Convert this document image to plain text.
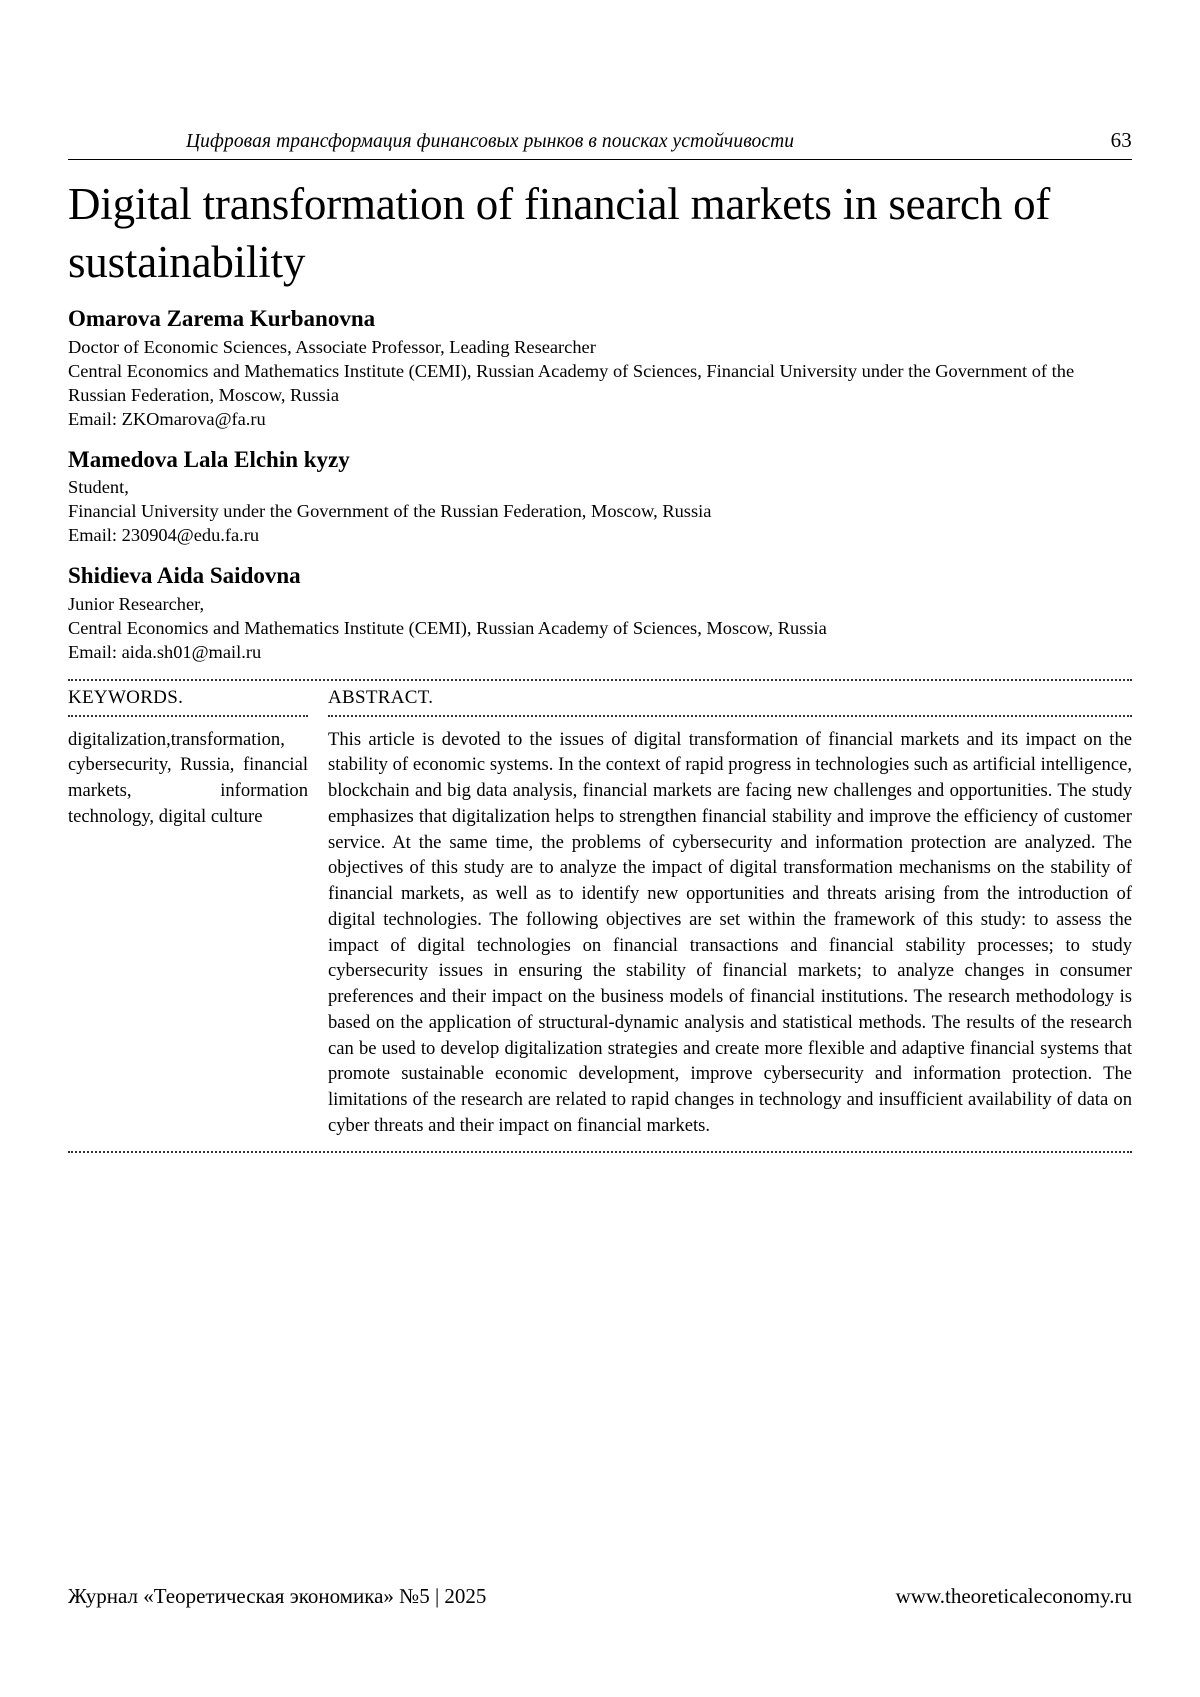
Цифровая трансформация финансовых рынков в поисках устойчивости	63
Digital transformation of financial markets in search of sustainability
Omarova Zarema Kurbanovna
Doctor of Economic Sciences, Associate Professor, Leading Researcher
Central Economics and Mathematics Institute (CEMI), Russian Academy of Sciences, Financial University under the Government of the Russian Federation, Moscow, Russia
Email: ZKOmarova@fa.ru
Mamedova Lala Elchin kyzy
Student,
Financial University under the Government of the Russian Federation, Moscow, Russia
Email: 230904@edu.fa.ru
Shidieva Aida Saidovna
Junior Researcher,
Central Economics and Mathematics Institute (CEMI), Russian Academy of Sciences, Moscow, Russia
Email: aida.sh01@mail.ru
KEYWORDS.
digitalization,transformation, cybersecurity, Russia, financial markets, information technology, digital culture
ABSTRACT.
This article is devoted to the issues of digital transformation of financial markets and its impact on the stability of economic systems. In the context of rapid progress in technologies such as artificial intelligence, blockchain and big data analysis, financial markets are facing new challenges and opportunities. The study emphasizes that digitalization helps to strengthen financial stability and improve the efficiency of customer service. At the same time, the problems of cybersecurity and information protection are analyzed. The objectives of this study are to analyze the impact of digital transformation mechanisms on the stability of financial markets, as well as to identify new opportunities and threats arising from the introduction of digital technologies. The following objectives are set within the framework of this study: to assess the impact of digital technologies on financial transactions and financial stability processes; to study cybersecurity issues in ensuring the stability of financial markets; to analyze changes in consumer preferences and their impact on the business models of financial institutions. The research methodology is based on the application of structural-dynamic analysis and statistical methods. The results of the research can be used to develop digitalization strategies and create more flexible and adaptive financial systems that promote sustainable economic development, improve cybersecurity and information protection. The limitations of the research are related to rapid changes in technology and insufficient availability of data on cyber threats and their impact on financial markets.
Журнал «Теоретическая экономика» №5 | 2025	www.theoreticaleconomy.ru
